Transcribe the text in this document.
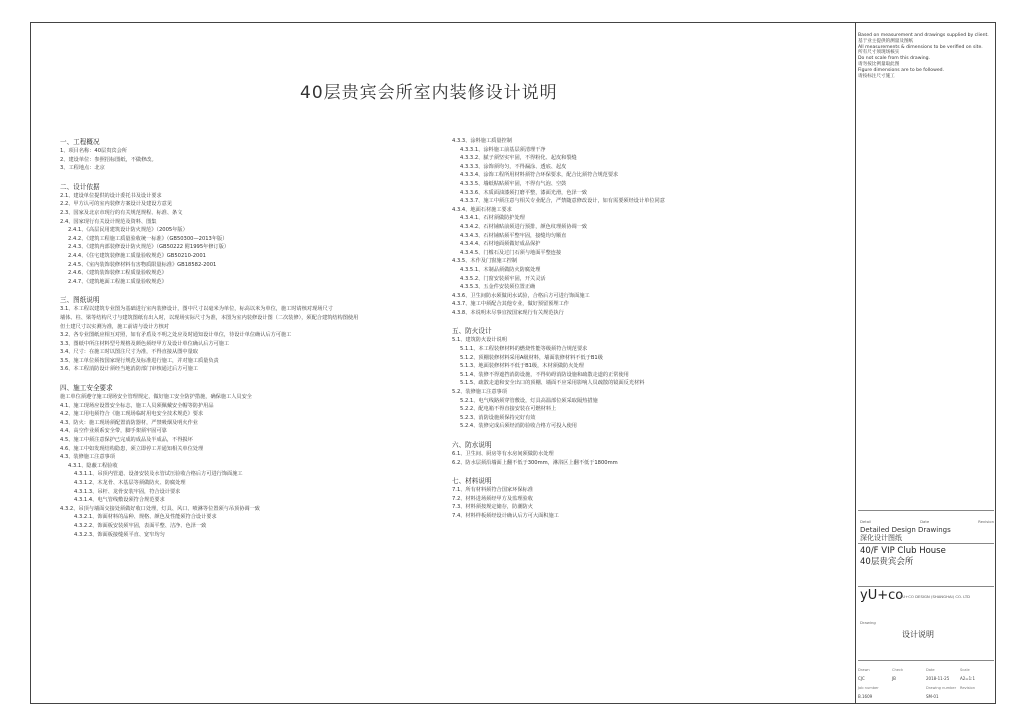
40层贵宾会所室内装修设计说明
一、工程概况
1、项目名称：40层贵宾会所
2、建设单位：参照招标图纸，不做修改。
3、工程地点：北京
二、设计依据
2.1、建设单位提供的设计委托书及设计要求
2.2、甲方认可的室内装修方案设计及建设方意见
2.3、国家及北京市现行的有关规范规程、标准、条文
2.4、国家现行有关设计规范及资料、图集
2.4.1、《高层民用建筑设计防火规范》（2005年版）
2.4.2、《建筑工程施工质量验收统一标准》（GB50300—2013年版）
2.4.3、《建筑内部装修设计防火规范》（GB50222 附1995年修订版）
2.4.4、《住宅建筑装修施工质量验收规范》GB50210-2001
2.4.5、《室内装饰装修材料有害物质限量标准》GB18582-2001
2.4.6、《建筑装饰装修工程质量验收规范》
2.4.7、《建筑地面工程施工质量验收规范》
三、图纸说明
3.1、本工程以建筑专业图为基础进行室内装修设计，图中尺寸以毫米为单位，标高以米为单位，施工时请核对现场尺寸
墙体、柱、梁等结构尺寸与建筑图纸有出入时，以现场实际尺寸为准，本图为室内装修设计图（二次装修），须配合建筑结构图使用
但土建尺寸以实测为准，施工前请与设计方核对
3.2、各专业图纸应相互对照，如有矛盾及不明之处应及时通知设计单位，待设计单位确认后方可施工
3.3、图纸中所注材料型号规格及颜色须经甲方及设计单位确认后方可施工
3.4、尺寸：在施工时以图注尺寸为准，不得直接从图中量取
3.5、施工单位须按国家现行规范及标准进行施工，并对施工质量负责
3.6、本工程消防设计须经当地消防部门审核通过后方可施工
四、施工安全要求
施工单位须遵守施工现场安全管理规定，做好施工安全防护措施，确保施工人员安全
4.1、施工现场应设置安全标志，施工人员须佩戴安全帽等防护用品
4.2、施工用电须符合《施工现场临时用电安全技术规范》要求
4.3、防火：施工现场须配置消防器材，严禁吸烟及明火作业
4.4、高空作业须系安全带，脚手架须牢固可靠
4.5、施工中须注意保护已完成的成品及半成品，不得损坏
4.6、施工中如发现结构隐患，须立即停工并通知相关单位处理
4.3、装修施工注意事项
4.3.1、隐蔽工程验收
4.3.1.1、吊顶内管道、设备安装及水管试压验收合格后方可进行饰面施工
4.3.1.2、木龙骨、木基层等须做防火、防腐处理
4.3.1.3、吊杆、龙骨安装牢固，符合设计要求
4.3.1.4、电气管线敷设须符合规范要求
4.3.2、吊顶与墙面交接处须做好收口处理，灯具、风口、喷淋等位置须与吊顶协调一致
4.3.2.1、饰面材料的品种、规格、颜色及性能须符合设计要求
4.3.2.2、饰面板安装须牢固，表面平整、洁净、色泽一致
4.3.2.3、饰面板接缝须平直、宽窄均匀
4.3.3、涂料施工质量控制
4.3.3.1、涂料施工前基层须清理干净
4.3.3.2、腻子须坚实牢固，不得粉化、起皮和裂缝
4.3.3.3、涂饰须均匀，不得漏涂、透底、起皮
4.3.3.4、涂饰工程所用材料须符合环保要求，配合比须符合规范要求
4.3.3.5、墙纸粘贴须牢固，不得有气泡、空鼓
4.3.3.6、木质面油漆须打磨平整，漆面光滑，色泽一致
4.3.3.7、施工中须注意与相关专业配合，严禁随意修改设计，如有需要须经设计单位同意
4.3.4、地面石材施工要求
4.3.4.1、石材须做防护处理
4.3.4.2、石材铺贴前须进行预排，颜色纹理须协调一致
4.3.4.3、石材铺贴须平整牢固，接缝均匀顺直
4.3.4.4、石材地面须做好成品保护
4.3.4.5、门槛石及过门石须与地面平整连接
4.3.5、木作及门窗施工控制
4.3.5.1、木制品须做防火防腐处理
4.3.5.2、门窗安装须牢固，开关灵活
4.3.5.3、五金件安装须位置正确
4.3.6、卫生间防水须做闭水试验，合格后方可进行饰面施工
4.3.7、施工中须配合其他专业，做好预留预埋工作
4.3.8、本说明未尽事宜按国家现行有关规范执行
五、防火设计
5.1、建筑防火设计说明
5.1.1、本工程装修材料的燃烧性能等级须符合规范要求
5.1.2、顶棚装修材料采用A级材料，墙面装修材料不低于B1级
5.1.3、地面装修材料不低于B1级，木材须做防火处理
5.1.4、装修不得遮挡消防设施，不得妨碍消防设施和疏散走道的正常使用
5.1.5、疏散走道和安全出口的顶棚、墙面不应采用影响人员疏散的镜面反光材料
5.2、装修施工注意事项
5.2.1、电气线路须穿管敷设，灯具高温部位须采取隔热措施
5.2.2、配电箱不得直接安装在可燃材料上
5.2.3、消防设施须保持完好有效
5.2.4、装修完成后须经消防验收合格方可投入使用
六、防水说明
6.1、卫生间、厨房等有水房间须做防水处理
6.2、防水层须沿墙面上翻不低于300mm，淋浴区上翻不低于1800mm
七、材料说明
7.1、所有材料须符合国家环保标准
7.2、材料进场须经甲方及监理验收
7.3、材料须按规定储存，防潮防火
7.4、材料样板须经设计确认后方可大面积施工
Based on measurement and drawings supplied by client.
基于业主提供的测量及图纸
All measurements & dimensions to be verified on site.
所有尺寸须现场核实
Do not scale from this drawing.
请勿按比例量取此图
Figure dimensions are to be followed.
请按标注尺寸施工
Detail	Date	Revision
Detailed Design Drawings
深化设计图纸
40/F VIP Club House
40层贵宾会所
yU+co
YU+CO DESIGN (SHANGHAI) CO. LTD
Drawing
设计说明
Drawn	Check	Date	Scale
CJC	JB	2018-11-25	A2=1:1
Job number	Drawing number	Revision
B.1609	SM-01
